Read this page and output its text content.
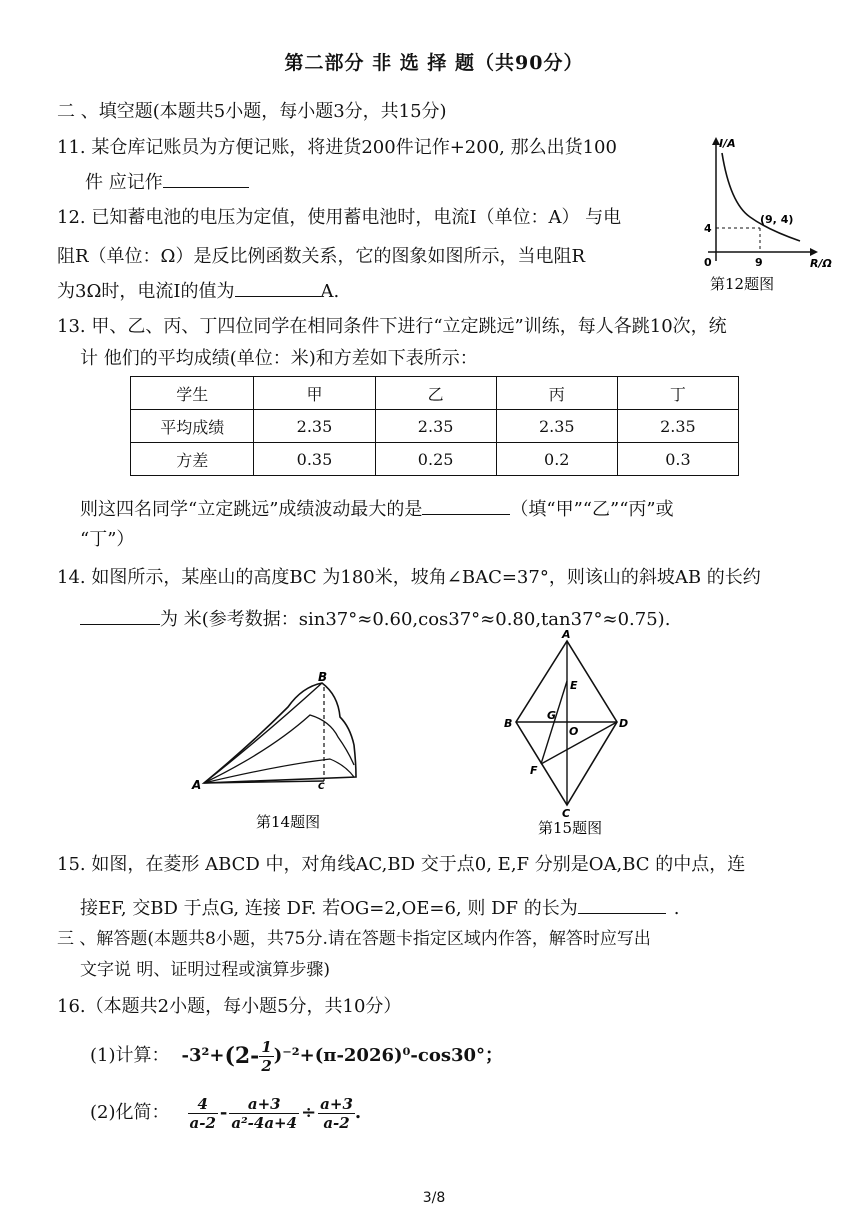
第二部分 非 选 择 题（共90分）
二 、填空题(本题共5小题，每小题3分，共15分)
11. 某仓库记账员为方便记账，将进货200件记作+200, 那么出货100
件 应记作
12. 已知蓄电池的电压为定值，使用蓄电池时，电流I（单位：A） 与电
阻R（单位：Ω）是反比例函数关系，它的图象如图所示，当电阻R
为3Ω时，电流I的值为	A.
I/A
R/Ω
0
4
9
(9, 4)
第12题图
13. 甲、乙、丙、丁四位同学在相同条件下进行“立定跳远”训练，每人各跳10次，统
计 他们的平均成绩(单位：米)和方差如下表所示：
学生	甲	乙	丙	丁
平均成绩	2.35	2.35	2.35	2.35
方差	0.35	0.25	0.2	0.3
则这四名同学“立定跳远”成绩波动最大的是	（填“甲”“乙”“丙”或
“丁”）
14. 如图所示，某座山的高度BC 为180米，坡角∠BAC=37°，则该山的斜坡AB 的长约
为 米(参考数据：sin37°≈0.60,cos37°≈0.80,tan37°≈0.75).
A
B
C
第14题图
A
B
C
D
E
F
G
O
第15题图
15. 如图，在菱形 ABCD 中，对角线AC,BD 交于点0, E,F 分别是OA,BC 的中点，连
接EF, 交BD 于点G, 连接 DF. 若OG=2,OE=6, 则 DF 的长为	.
三 、解答题(本题共8小题，共75分.请在答题卡指定区域内作答，解答时应写出
文字说 明、证明过程或演算步骤)
16.（本题共2小题，每小题5分，共10分）
(1)计算： $-3^2+ (2- \frac{1}{2} )^{-2}+(\pi-2026)^0-\cos 30^\circ$；
(2)化简： $\frac{4}{a-2} - \frac{a+3}{\text{a²-4a+4}} \div \frac{a+3}{a-2}$ .
3/8
